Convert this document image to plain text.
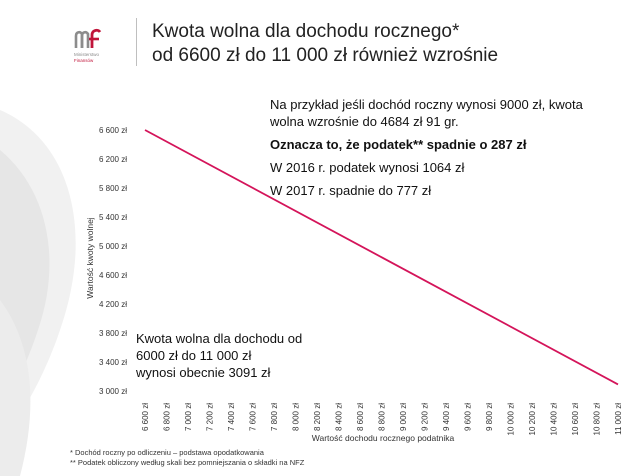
Ministerstwo
Finansów
Kwota wolna dla dochodu rocznego*
od 6600 zł do 11 000 zł również wzrośnie
3 000 zł
3 400 zł
3 800 zł
4 200 zł
4 600 zł
5 000 zł
5 400 zł
5 800 zł
6 200 zł
6 600 zł
6 600 zł 6 800 zł 7 000 zł 7 200 zł 7 400 zł 7 600 zł 7 800 zł 8 000 zł 8 200 zł 8 400 zł 8 600 zł 8 800 zł 9 000 zł 9 200 zł 9 400 zł 9 600 zł 9 800 zł 10 000 zł 10 200 zł 10 400 zł 10 600 zł 10 800 zł 11 000 zł
Wartość kwoty wolnej
Wartość dochodu rocznego podatnika
Na przykład jeśli dochód roczny wynosi 9000 zł, kwota
wolna wzrośnie do 4684 zł 91 gr.
Oznacza to, że podatek** spadnie o 287 zł
W 2016 r. podatek wynosi 1064 zł
W 2017 r. spadnie do 777 zł
Kwota wolna dla dochodu od
6000 zł do 11 000 zł
wynosi obecnie 3091 zł
* Dochód roczny po odliczeniu – podstawa opodatkowania
** Podatek obliczony według skali bez pomniejszania o składki na NFZ
